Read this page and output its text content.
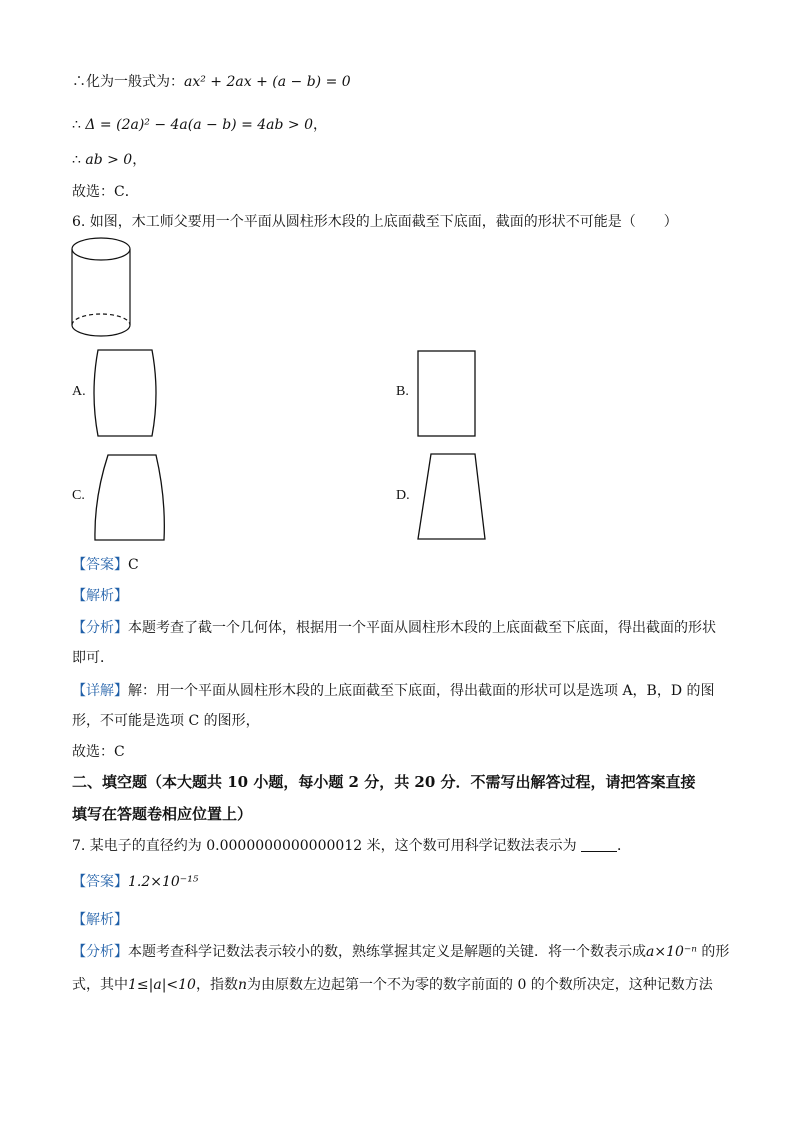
∴化为一般式为：ax² + 2ax + (a − b) = 0
∴ Δ = (2a)² − 4a(a − b) = 4ab > 0，
∴ ab > 0，
故选：C．
6. 如图，木工师父要用一个平面从圆柱形木段的上底面截至下底面，截面的形状不可能是（　　）
A.	B.
C.	D.
【答案】C
【解析】
【分析】本题考查了截一个几何体，根据用一个平面从圆柱形木段的上底面截至下底面，得出截面的形状
即可．
【详解】解：用一个平面从圆柱形木段的上底面截至下底面，得出截面的形状可以是选项 A，B，D 的图
形，不可能是选项 C 的图形，
故选：C
二、填空题（本大题共 10 小题，每小题 2 分，共 20 分．不需写出解答过程，请把答案直接
填写在答题卷相应位置上）
7. 某电子的直径约为 0.0000000000000012 米，这个数可用科学记数法表示为	．
【答案】1.2×10⁻¹⁵
【解析】
【分析】本题考查科学记数法表示较小的数，熟练掌握其定义是解题的关键．将一个数表示成a×10⁻ⁿ 的形
式，其中1≤|a|<10，指数n为由原数左边起第一个不为零的数字前面的 0 的个数所决定，这种记数方法
